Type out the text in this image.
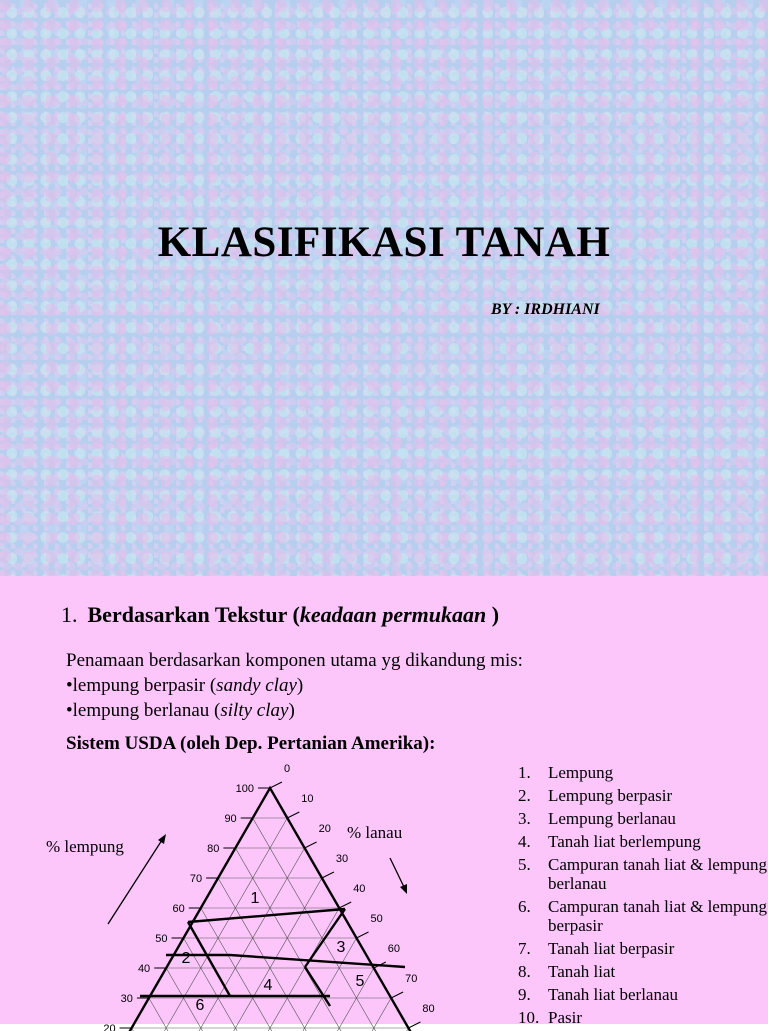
KLASIFIKASI TANAH
BY : IRDHIANI
1. Berdasarkan Tekstur (keadaan permukaan )
Penamaan berdasarkan komponen utama yg dikandung mis:
•lempung berpasir (sandy clay)
•lempung berlanau (silty clay)
Sistem USDA (oleh Dep. Pertanian Amerika):
% lempung
% lanau
100
90
80
70
60
50
40
30
20
0
10
20
30
40
50
60
70
80
1
2
3
4	5
6
1. Lempung
2. Lempung berpasir
3. Lempung berlanau
4. Tanah liat berlempung
5. Campuran tanah liat & lempung berlanau
6. Campuran tanah liat & lempung berpasir
7. Tanah liat berpasir
8. Tanah liat
9. Tanah liat berlanau
10. Pasir
